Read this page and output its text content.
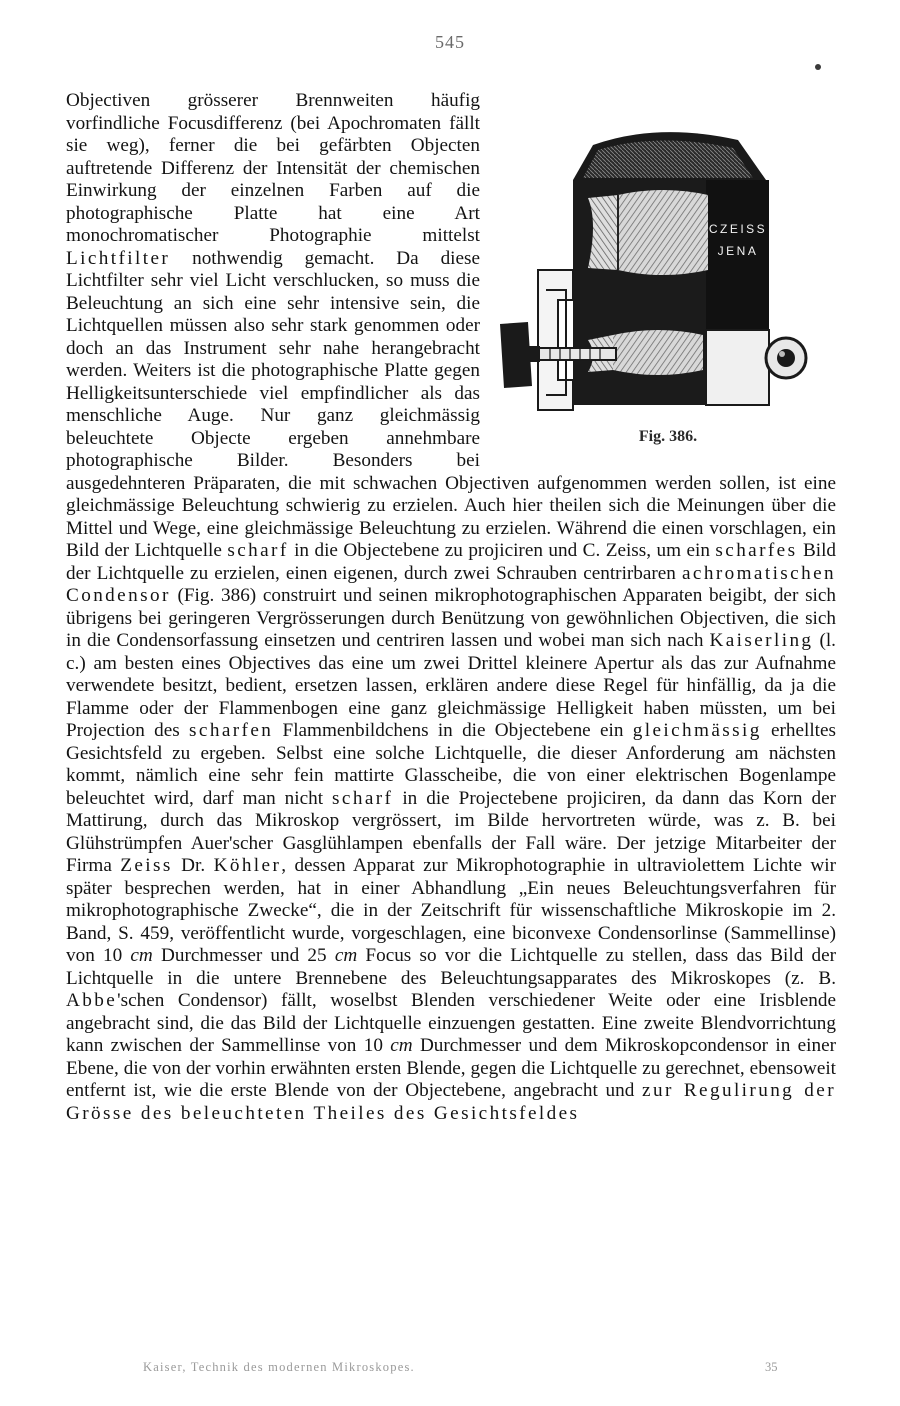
545
CZEISS
JENA
Fig. 386.

Objectiven grösserer Brennweiten häufig vorfindliche Focusdifferenz (bei Apochromaten fällt sie weg), ferner die bei gefärbten Objecten auftretende Differenz der Intensität der chemischen Einwirkung der einzelnen Farben auf die photographische Platte hat eine Art monochromatischer Photographie mittelst Lichtfilter nothwendig gemacht. Da diese Lichtfilter sehr viel Licht verschlucken, so muss die Beleuchtung an sich eine sehr intensive sein, die Lichtquellen müssen also sehr stark genommen oder doch an das Instrument sehr nahe herangebracht werden. Weiters ist die photographische Platte gegen Helligkeitsunterschiede viel empfindlicher als das menschliche Auge. Nur ganz gleichmässig beleuchtete Objecte ergeben annehmbare photographische Bilder. Besonders bei ausgedehnteren Präparaten, die mit schwachen Objectiven aufgenommen werden sollen, ist eine gleichmässige Beleuchtung schwierig zu erzielen. Auch hier theilen sich die Meinungen über die Mittel und Wege, eine gleichmässige Beleuchtung zu erzielen. Während die einen vorschlagen, ein Bild der Lichtquelle scharf in die Objectebene zu projiciren und C. Zeiss, um ein scharfes Bild der Lichtquelle zu erzielen, einen eigenen, durch zwei Schrauben centrirbaren achromatischen Condensor (Fig. 386) construirt und seinen mikrophotographischen Apparaten beigibt, der sich übrigens bei geringeren Vergrösserungen durch Benützung von gewöhnlichen Objectiven, die sich in die Condensorfassung einsetzen und centriren lassen und wobei man sich nach Kaiserling (l. c.) am besten eines Objectives das eine um zwei Drittel kleinere Apertur als das zur Aufnahme verwendete besitzt, bedient, ersetzen lassen, erklären andere diese Regel für hinfällig, da ja die Flamme oder der Flammenbogen eine ganz gleichmässige Helligkeit haben müssten, um bei Projection des scharfen Flammenbildchens in die Objectebene ein gleichmässig erhelltes Gesichtsfeld zu ergeben. Selbst eine solche Lichtquelle, die dieser Anforderung am nächsten kommt, nämlich eine sehr fein mattirte Glasscheibe, die von einer elektrischen Bogenlampe beleuchtet wird, darf man nicht scharf in die Projectebene projiciren, da dann das Korn der Mattirung, durch das Mikroskop vergrössert, im Bilde hervortreten würde, was z. B. bei Glühstrümpfen Auer'scher Gasglühlampen ebenfalls der Fall wäre. Der jetzige Mitarbeiter der Firma Zeiss Dr. Köhler, dessen Apparat zur Mikrophotographie in ultraviolettem Lichte wir später besprechen werden, hat in einer Abhandlung „Ein neues Beleuchtungsverfahren für mikrophotographische Zwecke“, die in der Zeitschrift für wissenschaftliche Mikroskopie im 2. Band, S. 459, veröffentlicht wurde, vorgeschlagen, eine biconvexe Condensorlinse (Sammellinse) von 10 cm Durchmesser und 25 cm Focus so vor die Lichtquelle zu stellen, dass das Bild der Lichtquelle in die untere Brennebene des Beleuchtungsapparates des Mikroskopes (z. B. Abbe'schen Condensor) fällt, woselbst Blenden verschiedener Weite oder eine Irisblende angebracht sind, die das Bild der Lichtquelle einzuengen gestatten. Eine zweite Blendvorrichtung kann zwischen der Sammellinse von 10 cm Durchmesser und dem Mikroskopcondensor in einer Ebene, die von der vorhin erwähnten ersten Blende, gegen die Lichtquelle zu gerechnet, ebensoweit entfernt ist, wie die erste Blende von der Objectebene, angebracht und zur Regulirung der Grösse des beleuchteten Theiles des Gesichtsfeldes

Kaiser, Technik des modernen Mikroskopes.	35
